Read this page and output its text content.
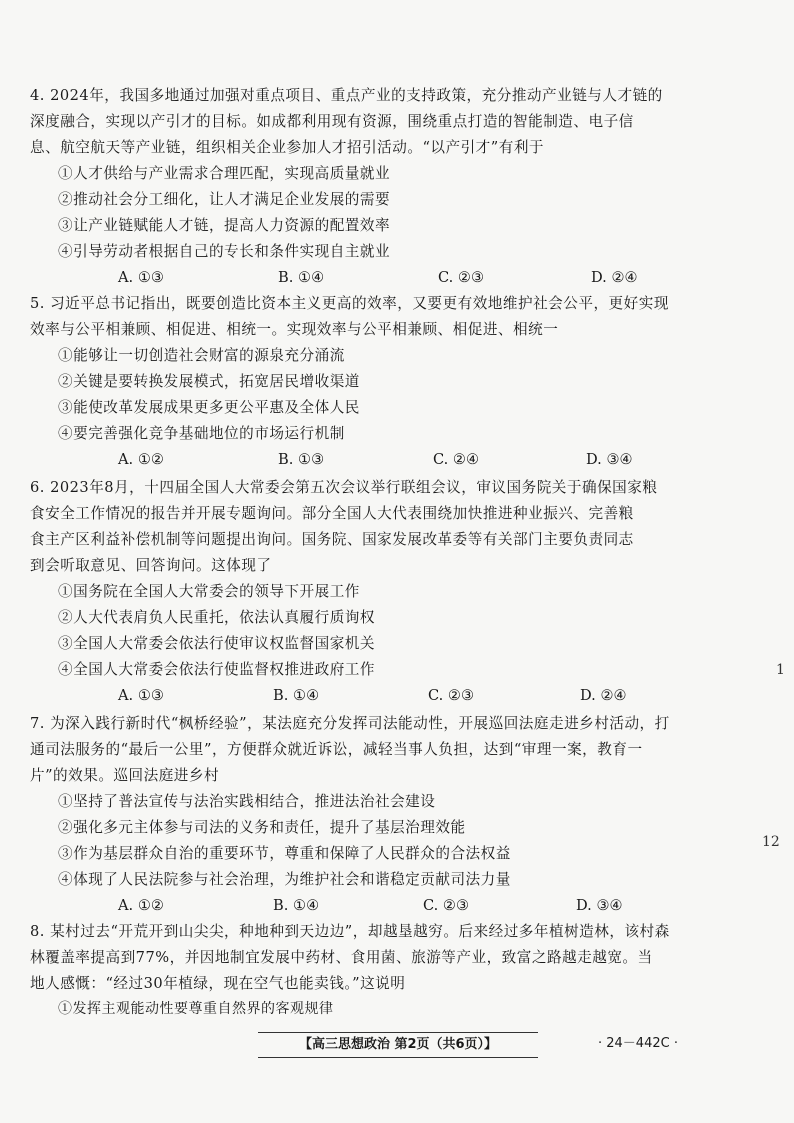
4. 2024年，我国多地通过加强对重点项目、重点产业的支持政策，充分推动产业链与人才链的
深度融合，实现以产引才的目标。如成都利用现有资源，围绕重点打造的智能制造、电子信
息、航空航天等产业链，组织相关企业参加人才招引活动。“以产引才”有利于
①人才供给与产业需求合理匹配，实现高质量就业
②推动社会分工细化，让人才满足企业发展的需要
③让产业链赋能人才链，提高人力资源的配置效率
④引导劳动者根据自己的专长和条件实现自主就业
A. ①③	B. ①④	C. ②③	D. ②④
5. 习近平总书记指出，既要创造比资本主义更高的效率，又要更有效地维护社会公平，更好实现
效率与公平相兼顾、相促进、相统一。实现效率与公平相兼顾、相促进、相统一
①能够让一切创造社会财富的源泉充分涌流
②关键是要转换发展模式，拓宽居民增收渠道
③能使改革发展成果更多更公平惠及全体人民
④要完善强化竞争基础地位的市场运行机制
A. ①②	B. ①③	C. ②④	D. ③④
6. 2023年8月，十四届全国人大常委会第五次会议举行联组会议，审议国务院关于确保国家粮
食安全工作情况的报告并开展专题询问。部分全国人大代表围绕加快推进种业振兴、完善粮
食主产区利益补偿机制等问题提出询问。国务院、国家发展改革委等有关部门主要负责同志
到会听取意见、回答询问。这体现了
①国务院在全国人大常委会的领导下开展工作
②人大代表肩负人民重托，依法认真履行质询权
③全国人大常委会依法行使审议权监督国家机关
④全国人大常委会依法行使监督权推进政府工作
A. ①③	B. ①④	C. ②③	D. ②④
7. 为深入践行新时代“枫桥经验”，某法庭充分发挥司法能动性，开展巡回法庭走进乡村活动，打
通司法服务的“最后一公里”，方便群众就近诉讼，减轻当事人负担，达到“审理一案，教育一
片”的效果。巡回法庭进乡村
①坚持了普法宣传与法治实践相结合，推进法治社会建设
②强化多元主体参与司法的义务和责任，提升了基层治理效能
③作为基层群众自治的重要环节，尊重和保障了人民群众的合法权益
④体现了人民法院参与社会治理，为维护社会和谐稳定贡献司法力量
A. ①②	B. ①④	C. ②③	D. ③④
8. 某村过去“开荒开到山尖尖，种地种到天边边”，却越垦越穷。后来经过多年植树造林，该村森
林覆盖率提高到77%，并因地制宜发展中药材、食用菌、旅游等产业，致富之路越走越宽。当
地人感慨：“经过30年植绿，现在空气也能卖钱。”这说明
①发挥主观能动性要尊重自然界的客观规律
【高三思想政治 第2页（共6页）】	· 24－442C ·
1
12
